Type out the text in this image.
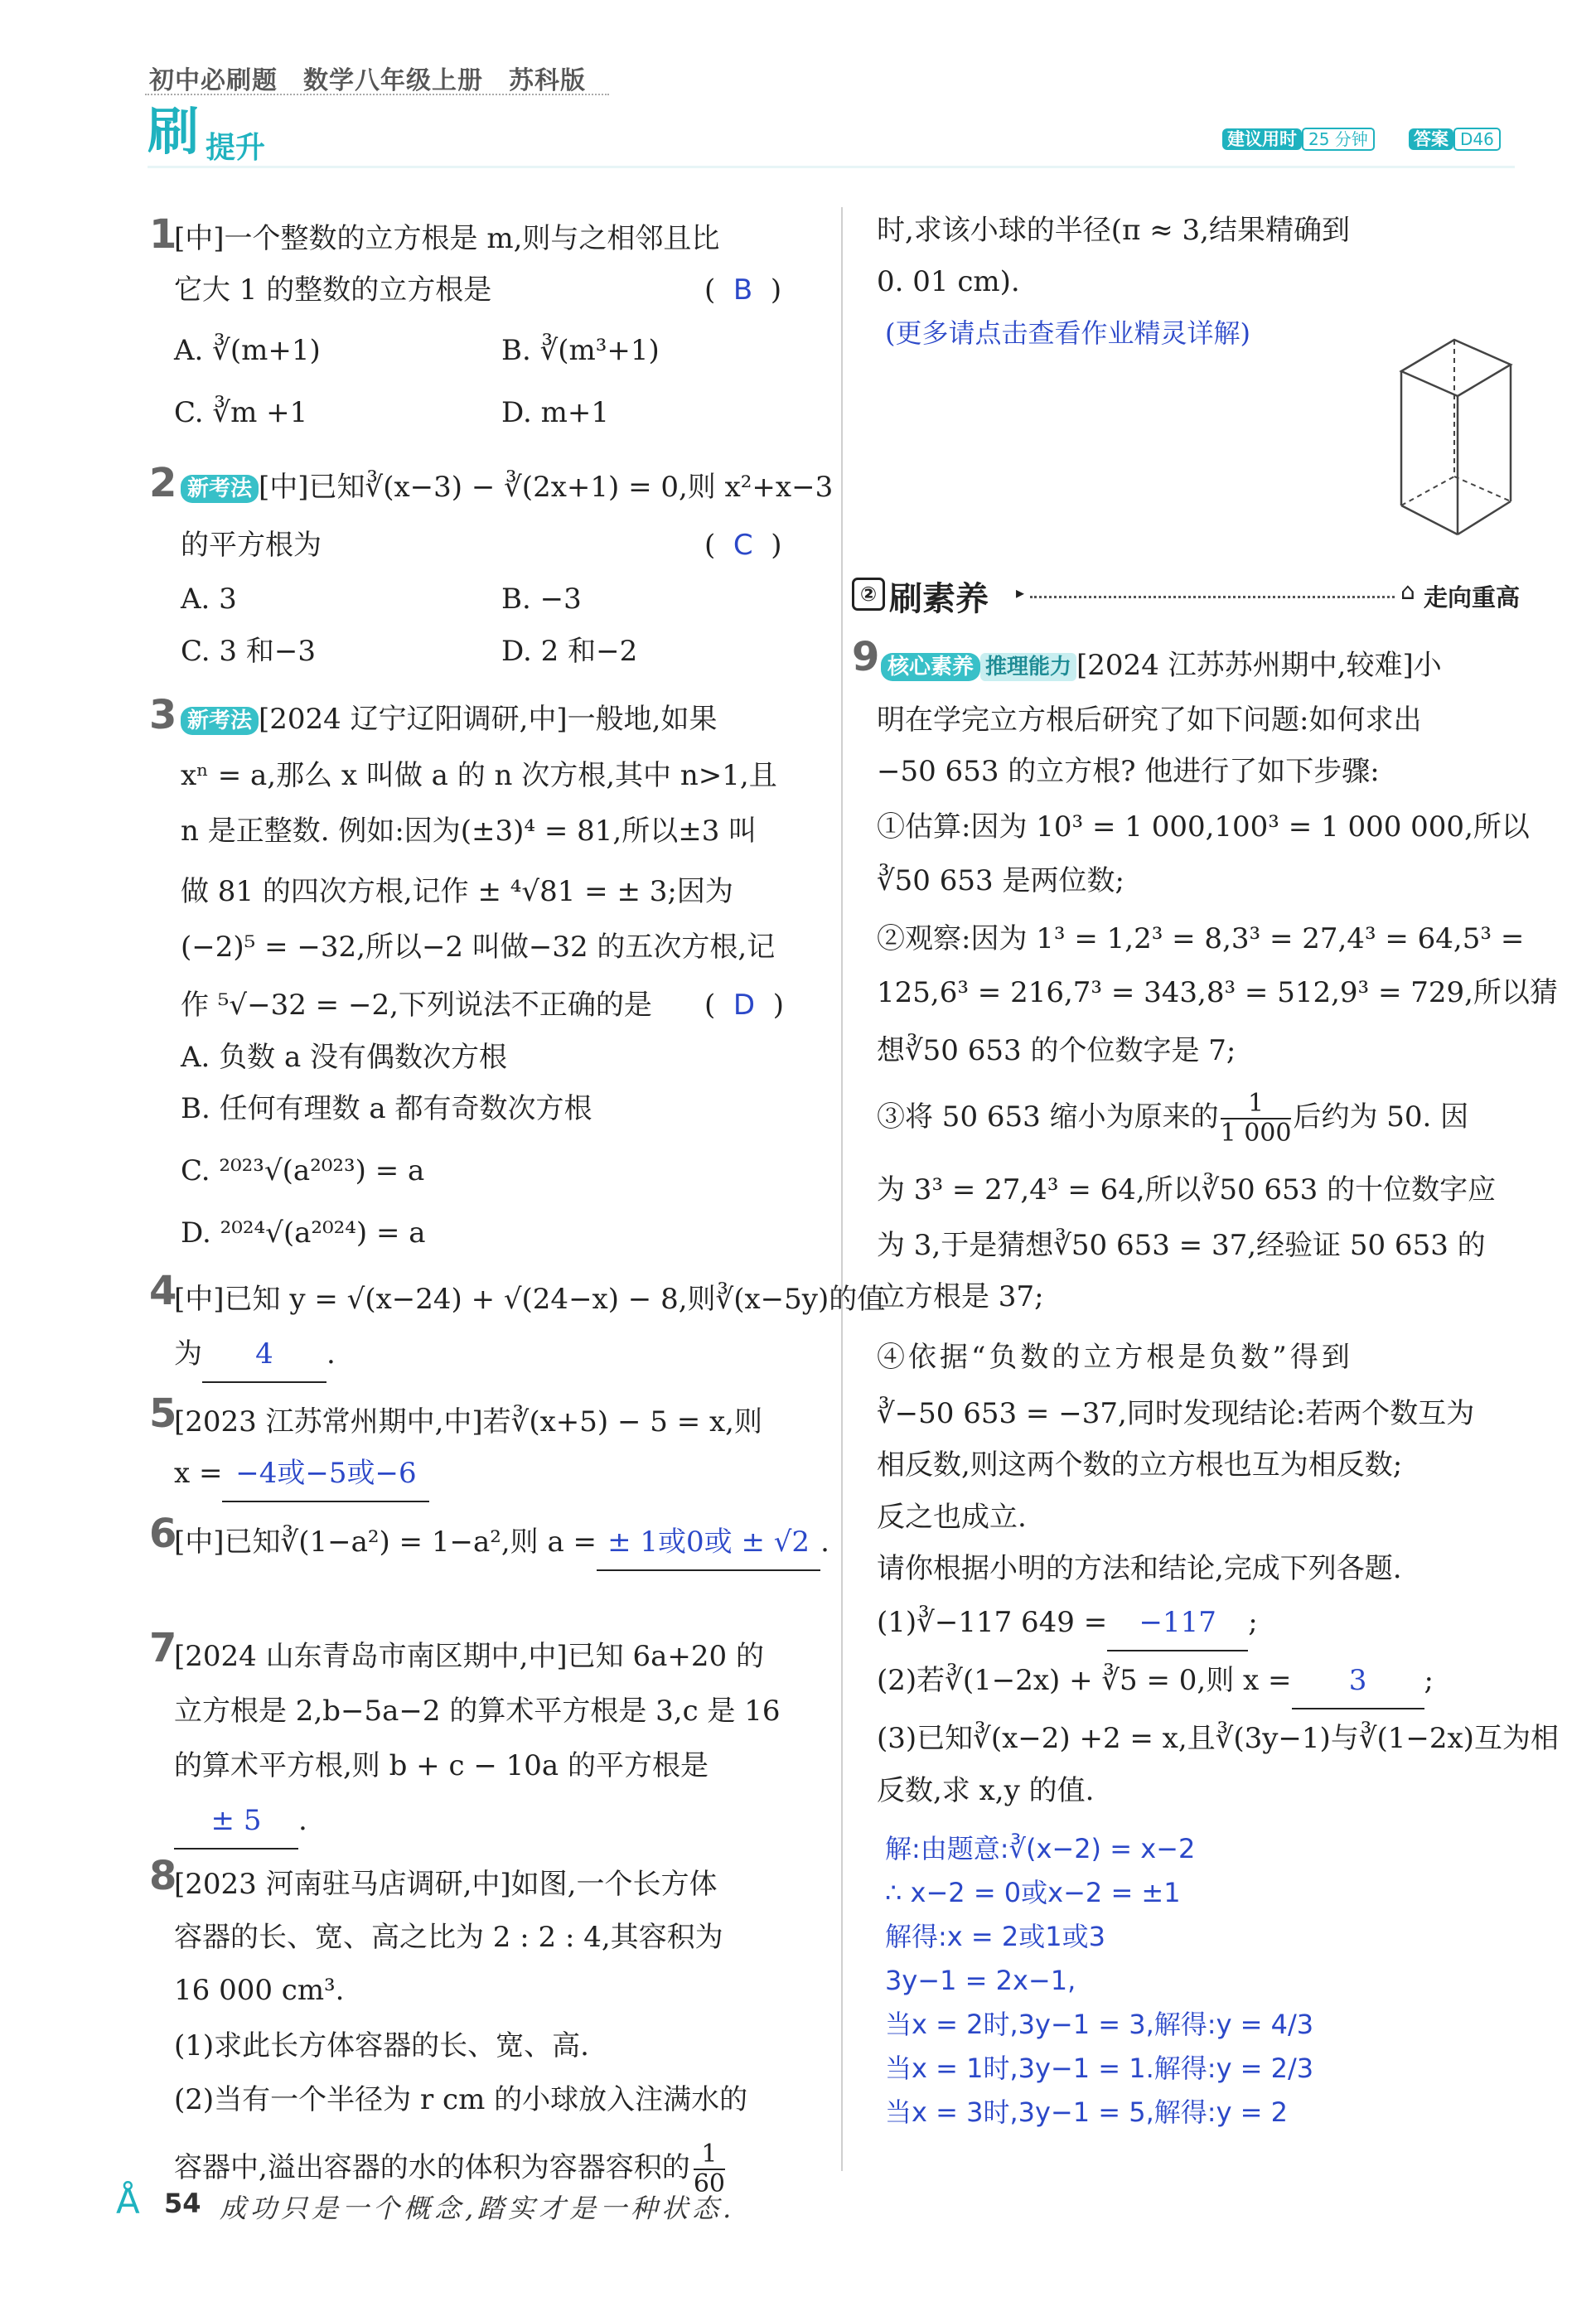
初中必刷题　数学八年级上册　苏科版
刷 提升	建议用时 25 分钟	答案 D46
1
[中]一个整数的立方根是 m,则与之相邻且比
它大 1 的整数的立方根是	(  B  )
A. ∛(m+1)	B. ∛(m³+1)
C. ∛m +1	D. m+1
2 新考法 [中]已知∛(x−3) − ∛(2x+1) = 0,则 x²+x−3
的平方根为	(  C  )
A. 3	B. −3
C. 3 和−3	D. 2 和−2
3 新考法 [2024 辽宁辽阳调研,中]一般地,如果
xⁿ = a,那么 x 叫做 a 的 n 次方根,其中 n>1,且
n 是正整数. 例如:因为(±3)⁴ = 81,所以±3 叫
做 81 的四次方根,记作 ± ⁴√81 = ± 3;因为
(−2)⁵ = −32,所以−2 叫做−32 的五次方根,记
作 ⁵√−32 = −2,下列说法不正确的是 (  D  )
A. 负数 a 没有偶数次方根
B. 任何有理数 a 都有奇数次方根
C. ²⁰²³√(a²⁰²³) = a
D. ²⁰²⁴√(a²⁰²⁴) = a
4
[中]已知 y = √(x−24) + √(24−x) − 8,则∛(x−5y)的值
为 4 .
5
[2023 江苏常州期中,中]若∛(x+5) − 5 = x,则
x = −4或−5或−6
6
[中]已知∛(1−a²) = 1−a²,则 a = ± 1或0或 ± √2 .
7
[2024 山东青岛市南区期中,中]已知 6a+20 的
立方根是 2,b−5a−2 的算术平方根是 3,c 是 16
的算术平方根,则 b + c − 10a 的平方根是
± 5 .
8
[2023 河南驻马店调研,中]如图,一个长方体
容器的长、宽、高之比为 2 : 2 : 4,其容积为
16 000 cm³.
(1)求此长方体容器的长、宽、高.
(2)当有一个半径为 r cm 的小球放入注满水的
容器中,溢出容器的水的体积为容器容积的 $\frac{1}{60}$
时,求该小球的半径(π ≈ 3,结果精确到
0. 01 cm).
(更多请点击查看作业精灵详解)
② 刷素养 ▸	⌂ 走向重高
9 核心素养 推理能力 [2024 江苏苏州期中,较难]小
明在学完立方根后研究了如下问题:如何求出
−50 653 的立方根? 他进行了如下步骤:
①估算:因为 10³ = 1 000,100³ = 1 000 000,所以
∛50 653 是两位数;
②观察:因为 1³ = 1,2³ = 8,3³ = 27,4³ = 64,5³ =
125,6³ = 216,7³ = 343,8³ = 512,9³ = 729,所以猜
想∛50 653 的个位数字是 7;
③将 50 653 缩小为原来的 $\frac{1}{1 000}$ 后约为 50. 因
为 3³ = 27,4³ = 64,所以∛50 653 的十位数字应
为 3,于是猜想∛50 653 = 37,经验证 50 653 的
立方根是 37;
④依据“负数的立方根是负数”得到
∛−50 653 = −37,同时发现结论:若两个数互为
相反数,则这两个数的立方根也互为相反数;
反之也成立.
请你根据小明的方法和结论,完成下列各题.
(1)∛−117 649 = −117 ;
(2)若∛(1−2x) + ∛5 = 0,则 x = 3 ;
(3)已知∛(x−2) +2 = x,且∛(3y−1)与∛(1−2x)互为相
反数,求 x,y 的值.
解:由题意:∛(x−2) = x−2
∴ x−2 = 0或x−2 = ±1
解得:x = 2或1或3
3y−1 = 2x−1,
当x = 2时,3y−1 = 3,解得:y = 4/3
当x = 1时,3y−1 = 1.解得:y = 2/3
当x = 3时,3y−1 = 5,解得:y = 2
Å 54 成功只是一个概念,踏实才是一种状态.
